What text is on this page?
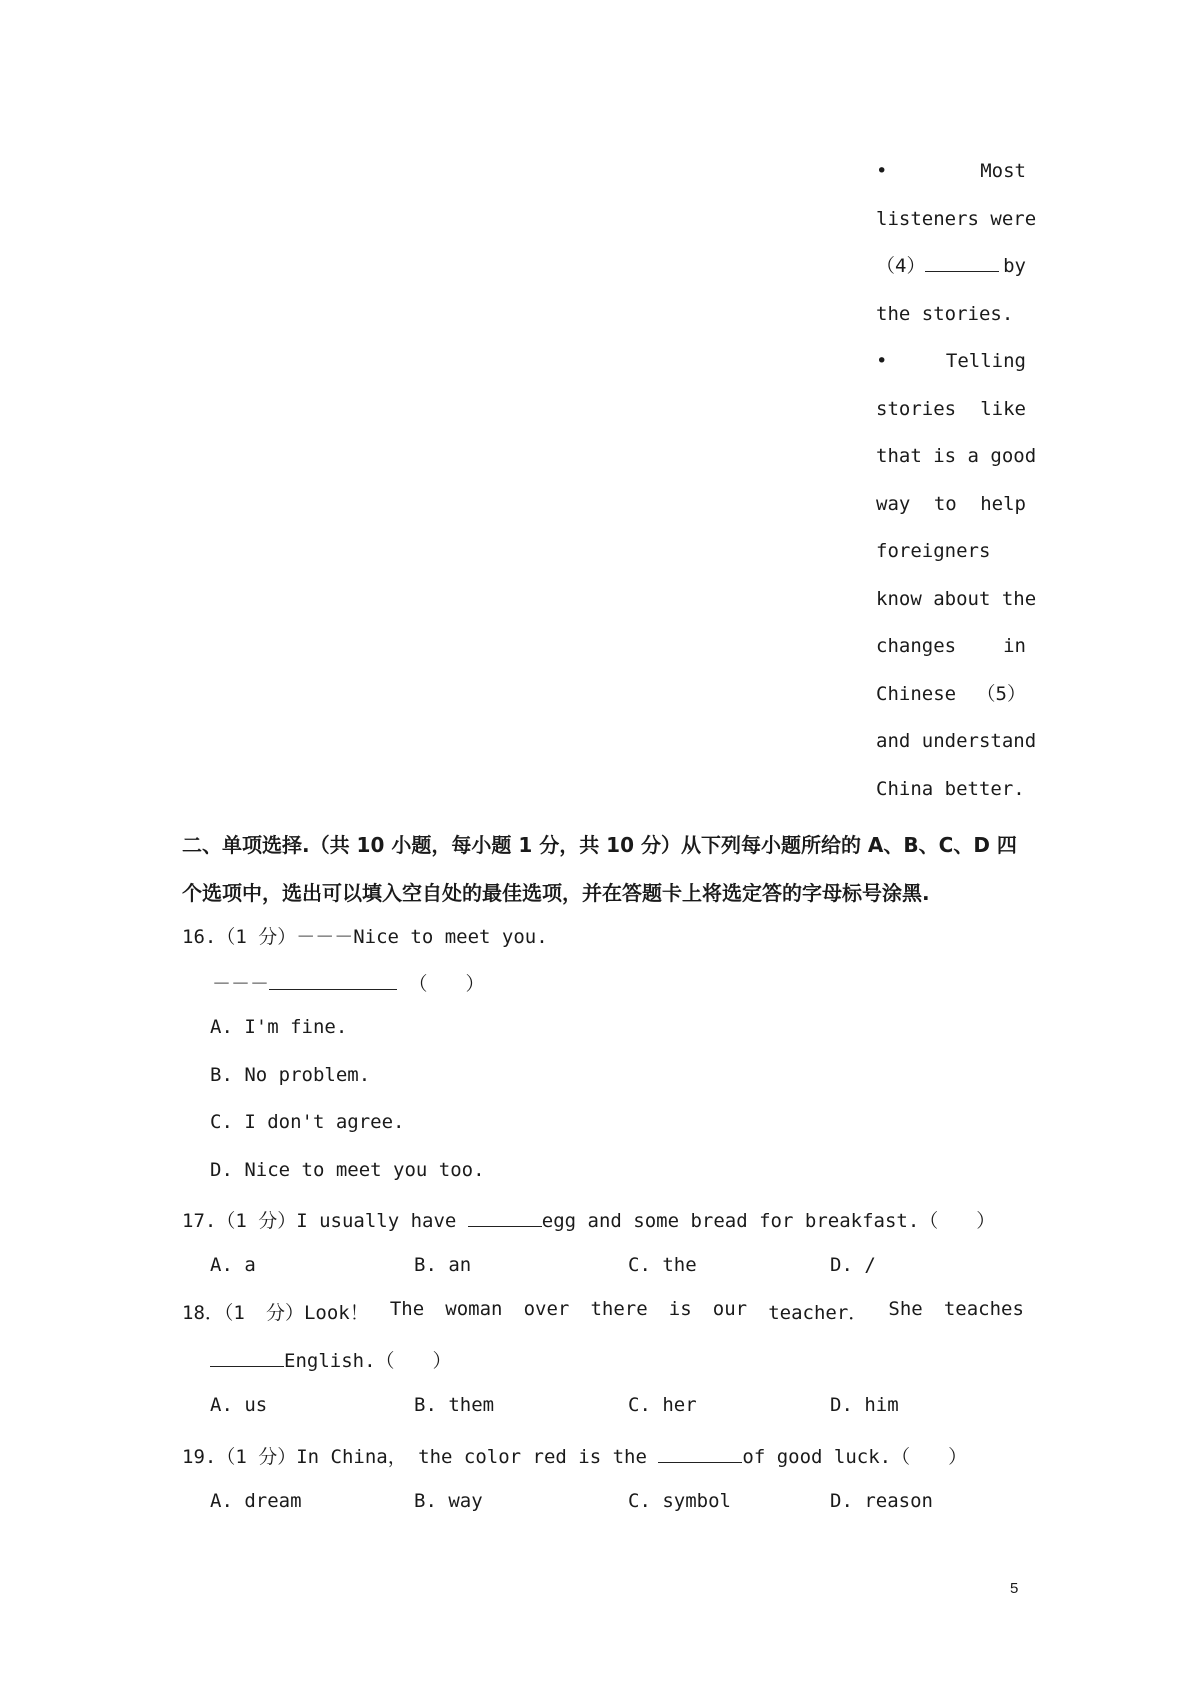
•	Most
listeners were
（4）	by
the stories.
•	Telling
stories like
that is a good
way to help
foreigners
know about the
changes in
Chinese （5）
and understand
China better.
二、单项选择.（共 10 小题，每小题 1 分，共 10 分）从下列每小题所给的 A、B、C、D 四
个选项中，选出可以填入空自处的最佳选项，并在答题卡上将选定答的字母标号涂黑.
16.（1 分）－－－Nice to meet you.
－－－	（　　）
A. I'm fine.
B. No problem.
C. I don't agree.
D. Nice to meet you too.
17.（1 分）I usually have	egg and some bread for breakfast.（　　）
A. a	B. an	C. the	D. /
18．（1 分）Look！ The woman over there is our teacher． She teaches
English.（　　）
A. us	B. them	C. her	D. him
19.（1 分）In China， the color red is the	of good luck.（　　）
A. dream	B. way	C. symbol	D. reason
5
